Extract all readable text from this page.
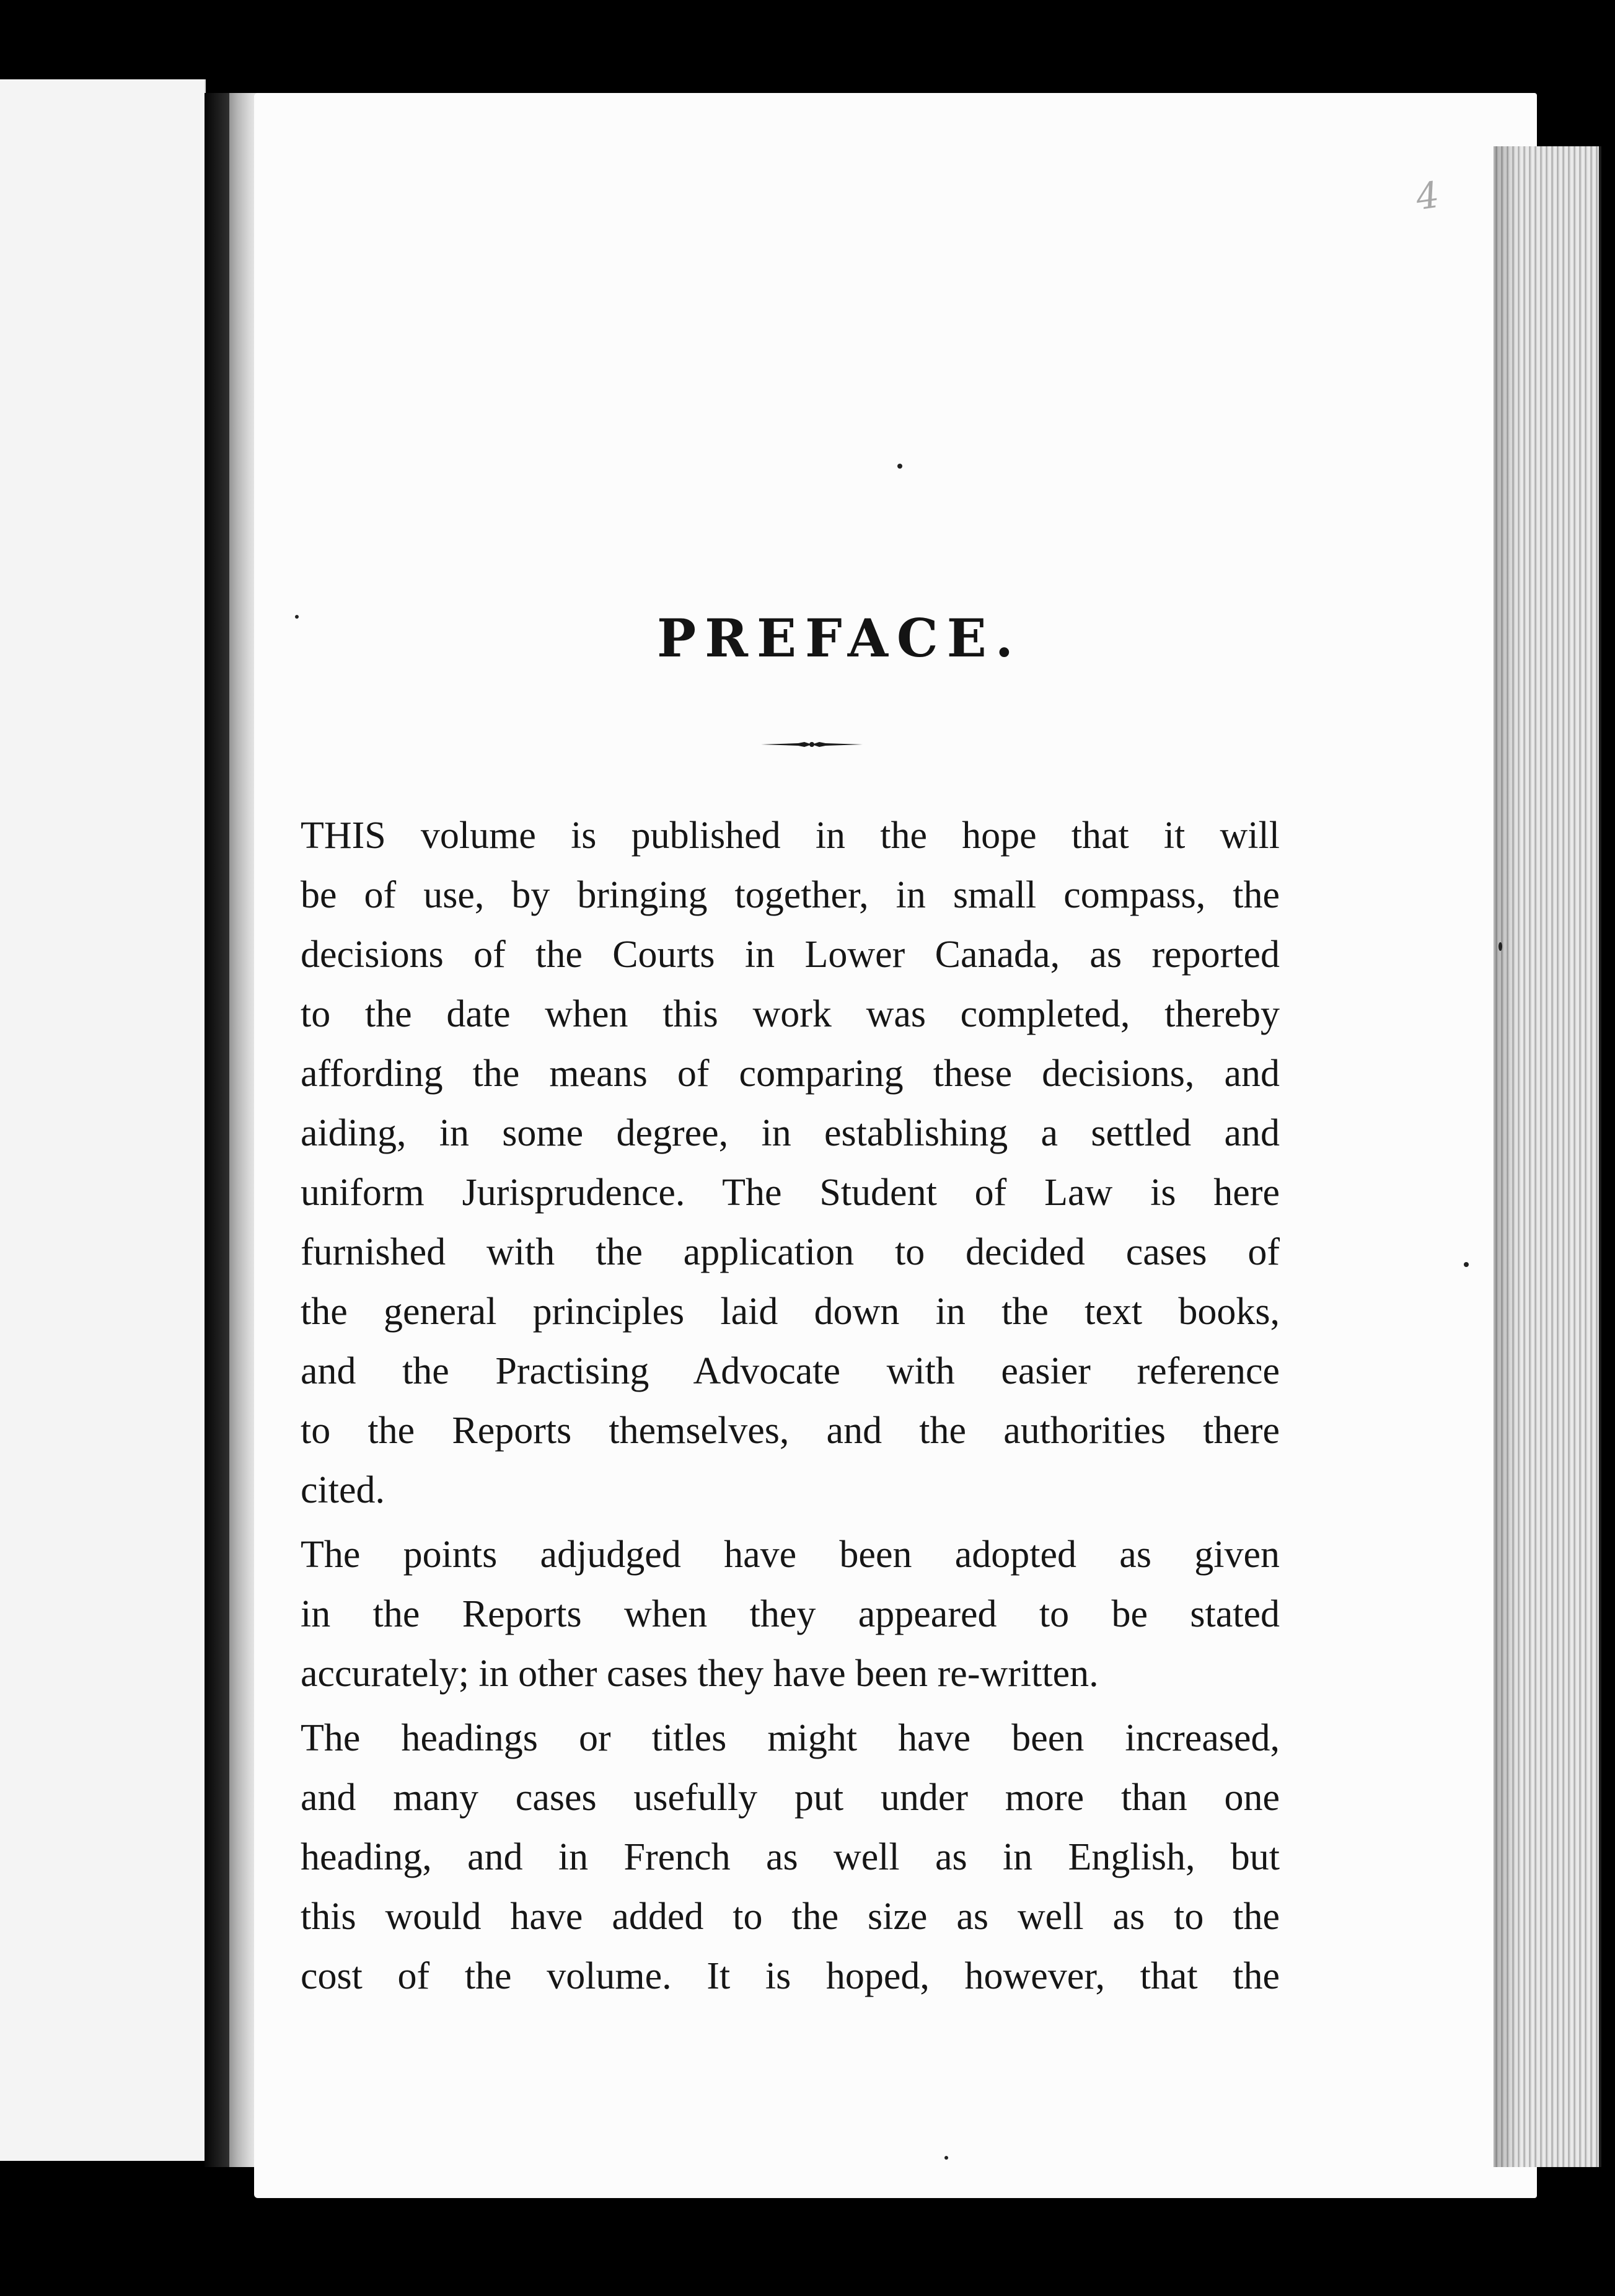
4
PREFACE.
THIS volume is published in the hope that it will
be of use, by bringing together, in small compass, the
decisions of the Courts in Lower Canada, as reported
to the date when this work was completed, thereby
affording the means of comparing these decisions, and
aiding, in some degree, in establishing a settled and
uniform Jurisprudence. The Student of Law is here
furnished with the application to decided cases of
the general principles laid down in the text books,
and the Practising Advocate with easier reference
to the Reports themselves, and the authorities there
cited.
The points adjudged have been adopted as given
in the Reports when they appeared to be stated
accurately; in other cases they have been re-written.
The headings or titles might have been increased,
and many cases usefully put under more than one
heading, and in French as well as in English, but
this would have added to the size as well as to the
cost of the volume. It is hoped, however, that the
